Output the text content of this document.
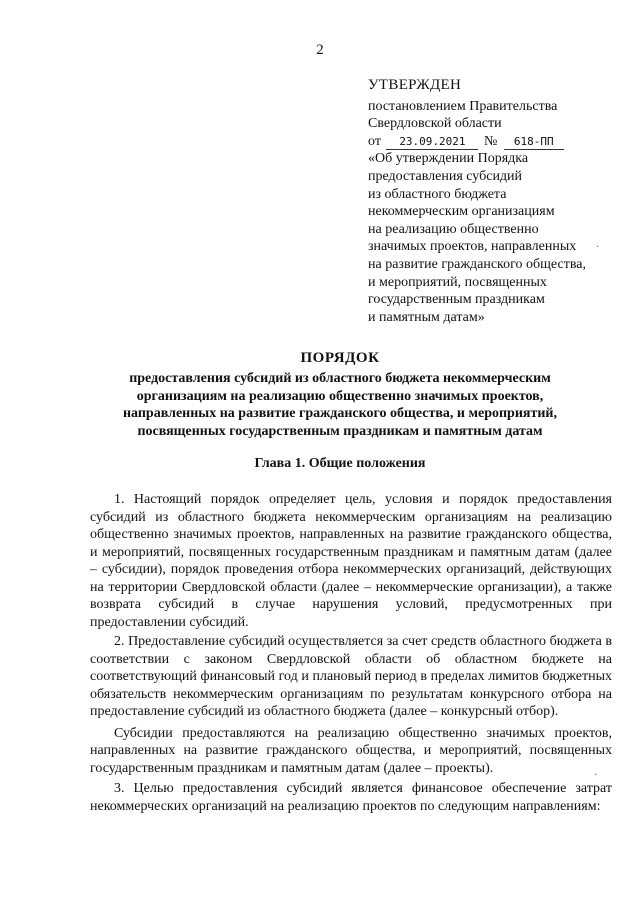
2
УТВЕРЖДЕН
постановлением Правительства
Свердловской области
от 23.09.2021 № 618-ПП
«Об утверждении Порядка
предоставления субсидий
из областного бюджета
некоммерческим организациям
на реализацию общественно
значимых проектов, направленных
на развитие гражданского общества,
и мероприятий, посвященных
государственным праздникам
и памятным датам»
ПОРЯДОК
предоставления субсидий из областного бюджета некоммерческим
организациям на реализацию общественно значимых проектов,
направленных на развитие гражданского общества, и мероприятий,
посвященных государственным праздникам и памятным датам
Глава 1. Общие положения

1. Настоящий порядок определяет цель, условия и порядок предоставления субсидий из областного бюджета некоммерческим организациям на реализацию общественно значимых проектов, направленных на развитие гражданского общества, и мероприятий, посвященных государственным праздникам и памятным датам (далее – субсидии), порядок проведения отбора некоммерческих организаций, действующих на территории Свердловской области (далее – некоммерческие организации), а также возврата субсидий в случае нарушения условий, предусмотренных при предоставлении субсидий.

2. Предоставление субсидий осуществляется за счет средств областного бюджета в соответствии с законом Свердловской области об областном бюджете на соответствующий финансовый год и плановый период в пределах лимитов бюджетных обязательств некоммерческим организациям по результатам конкурсного отбора на предоставление субсидий из областного бюджета (далее – конкурсный отбор).

Субсидии предоставляются на реализацию общественно значимых проектов, направленных на развитие гражданского общества, и мероприятий, посвященных государственным праздникам и памятным датам (далее – проекты).

3. Целью предоставления субсидий является финансовое обеспечение затрат некоммерческих организаций на реализацию проектов по следующим направлениям:

·
·
